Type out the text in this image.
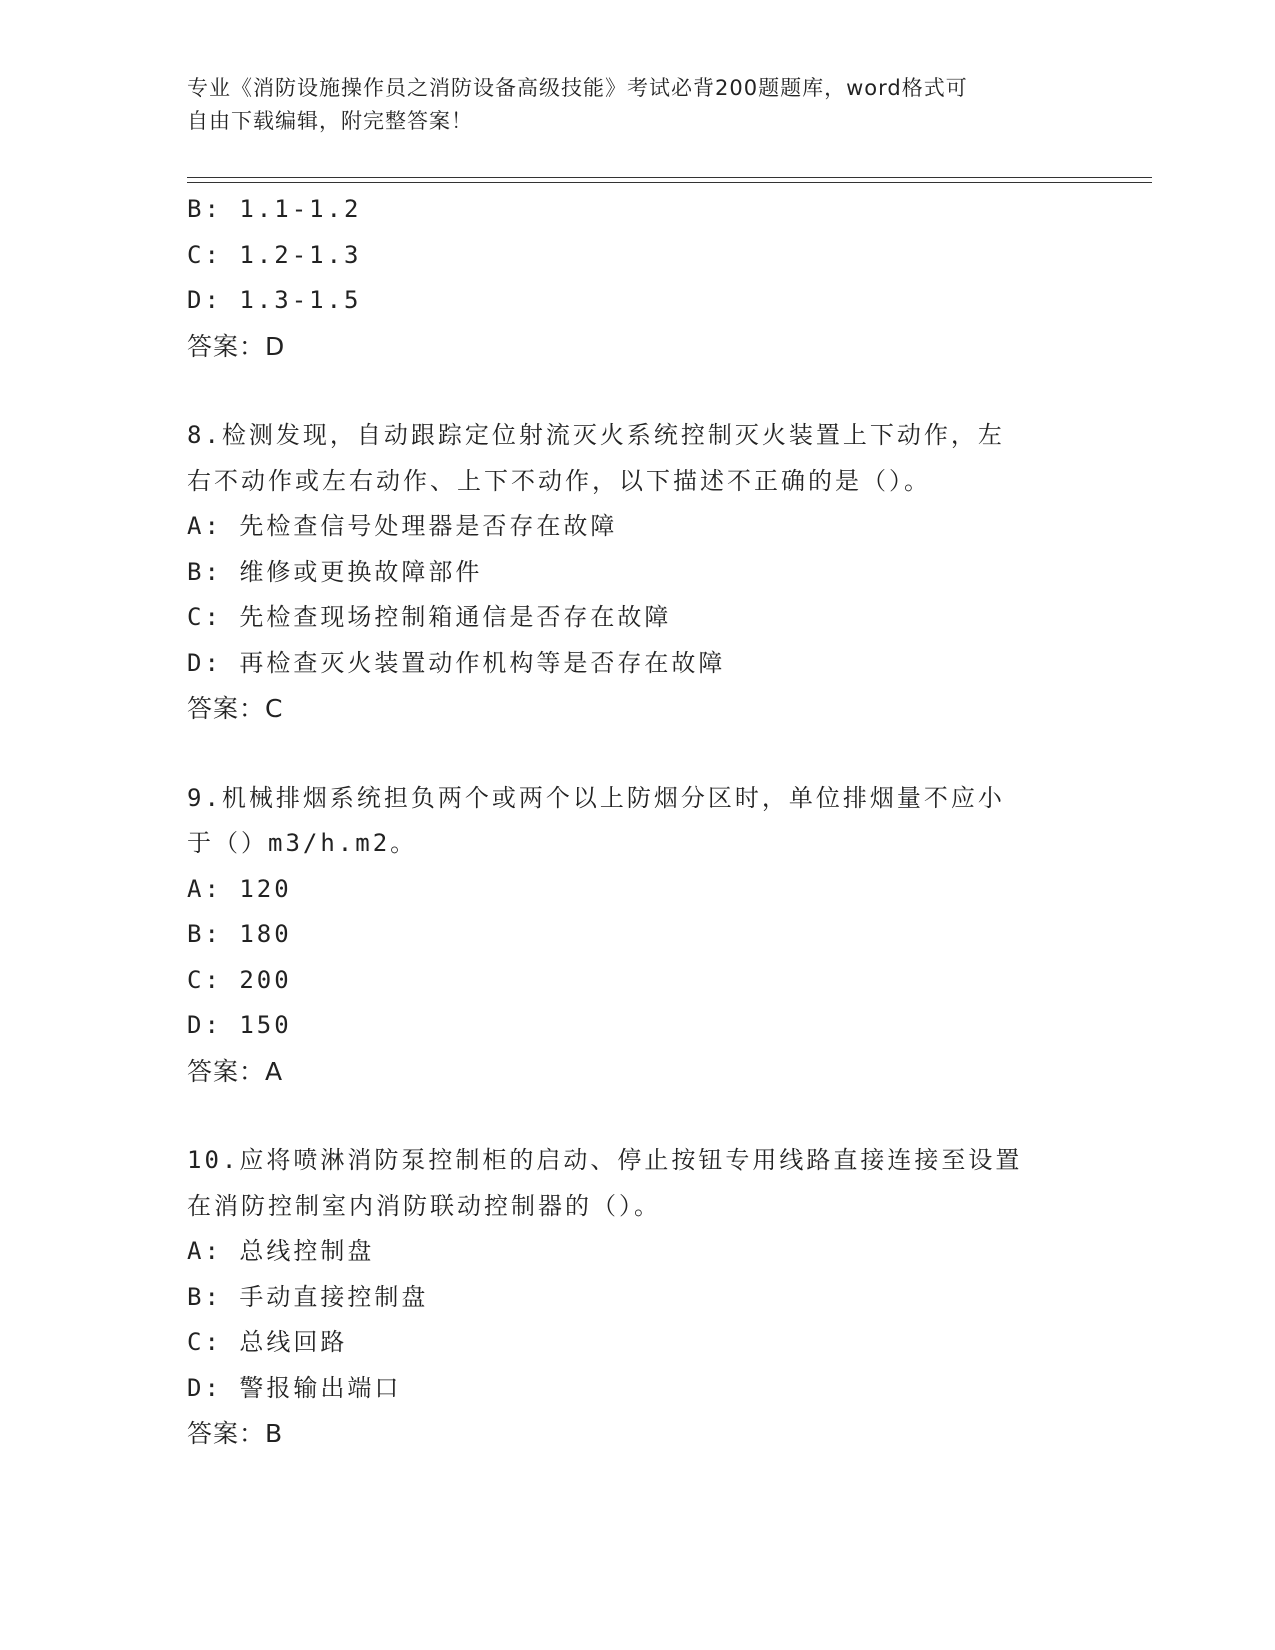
专业《消防设施操作员之消防设备高级技能》考试必背200题题库，word格式可
自由下载编辑，附完整答案！
B: 1.1-1.2
C: 1.2-1.3
D: 1.3-1.5
答案：D
8.检测发现，自动跟踪定位射流灭火系统控制灭火装置上下动作，左
右不动作或左右动作、上下不动作，以下描述不正确的是（）。
A: 先检查信号处理器是否存在故障
B: 维修或更换故障部件
C: 先检查现场控制箱通信是否存在故障
D: 再检查灭火装置动作机构等是否存在故障
答案：C
9.机械排烟系统担负两个或两个以上防烟分区时，单位排烟量不应小
于（）m3/h.m2。
A: 120
B: 180
C: 200
D: 150
答案：A
10.应将喷淋消防泵控制柜的启动、停止按钮专用线路直接连接至设置
在消防控制室内消防联动控制器的（）。
A: 总线控制盘
B: 手动直接控制盘
C: 总线回路
D: 警报输出端口
答案：B
